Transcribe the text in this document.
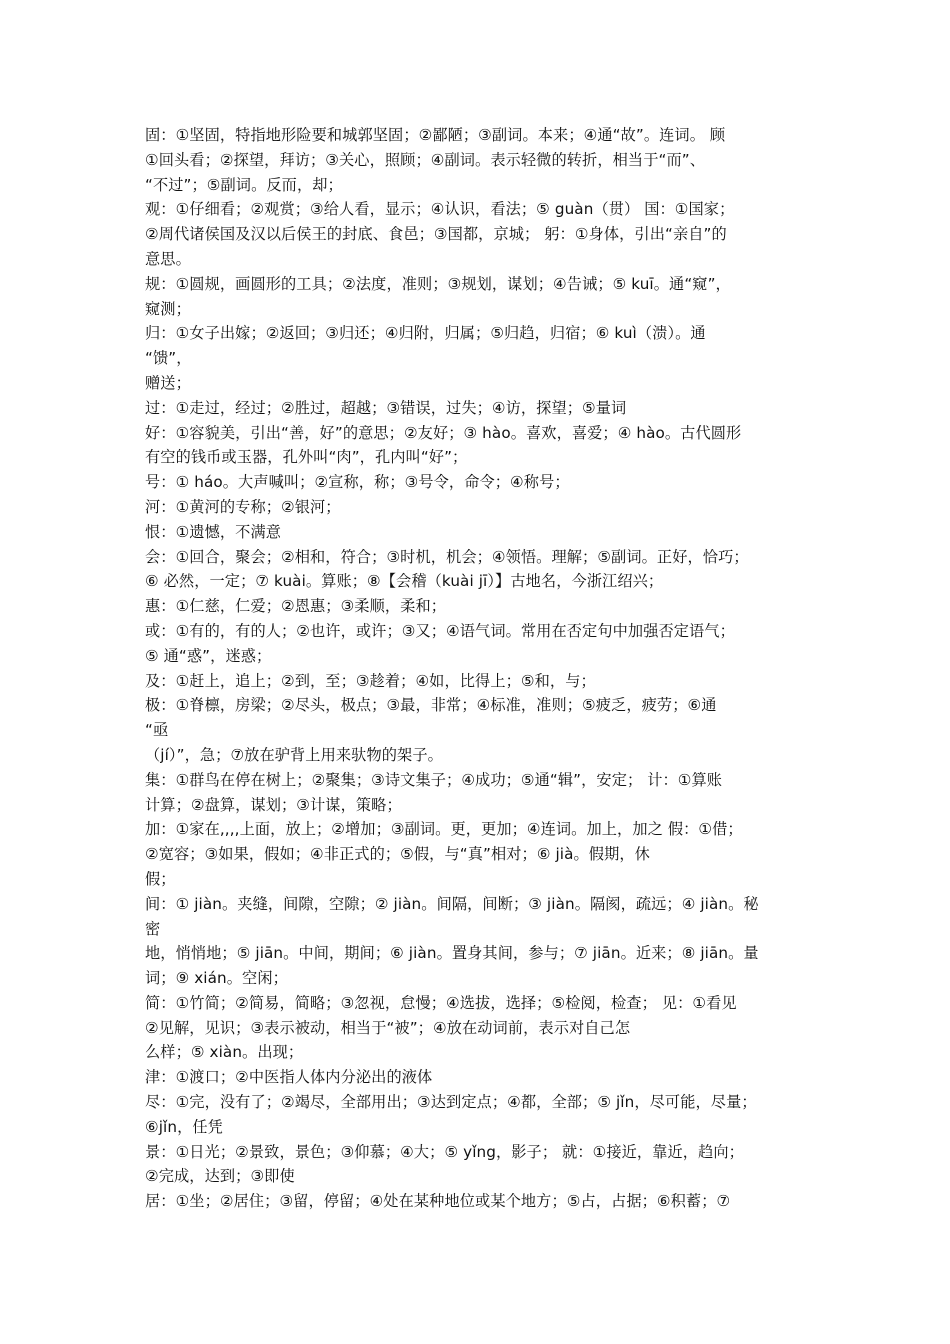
固：①坚固，特指地形险要和城郭坚固；②鄙陋；③副词。本来；④通“故”。连词。 顾
①回头看；②探望，拜访；③关心，照顾；④副词。表示轻微的转折，相当于“而”、
“不过”；⑤副词。反而，却；
观：①仔细看；②观赏；③给人看，显示；④认识，看法；⑤ guàn（贯） 国：①国家；
②周代诸侯国及汉以后侯王的封底、食邑；③国都，京城； 躬：①身体，引出“亲自”的
意思。
规：①圆规，画圆形的工具；②法度，准则；③规划，谋划；④告诫；⑤ kuī。通“窥”，
窥测；
归：①女子出嫁；②返回；③归还；④归附，归属；⑤归趋，归宿；⑥ kuì（溃）。通
“馈”，
赠送；
过：①走过，经过；②胜过，超越；③错误，过失；④访，探望；⑤量词
好：①容貌美，引出“善，好”的意思；②友好；③ hào。喜欢，喜爱；④ hào。古代圆形
有空的钱币或玉器，孔外叫“肉”，孔内叫“好”；
号：① háo。大声喊叫；②宣称，称；③号令，命令；④称号；
河：①黄河的专称；②银河；
恨：①遗憾，不满意
会：①回合，聚会；②相和，符合；③时机，机会；④领悟。理解；⑤副词。正好，恰巧；
⑥ 必然，一定；⑦ kuài。算账；⑧【会稽（kuài jī）】古地名，今浙江绍兴；
惠：①仁慈，仁爱；②恩惠；③柔顺，柔和；
或：①有的，有的人；②也许，或许；③又；④语气词。常用在否定句中加强否定语气；
⑤ 通“惑”，迷惑；
及：①赶上，追上；②到，至；③趁着；④如，比得上；⑤和，与；
极：①脊檩，房梁；②尽头，极点；③最，非常；④标准，准则；⑤疲乏，疲劳；⑥通
“亟
（jí）”，急；⑦放在驴背上用来驮物的架子。
集：①群鸟在停在树上；②聚集；③诗文集子；④成功；⑤通“辑”，安定； 计：①算账
计算；②盘算，谋划；③计谋，策略；
加：①家在,,,,上面，放上；②增加；③副词。更，更加；④连词。加上，加之 假：①借；
②宽容；③如果，假如；④非正式的；⑤假，与“真”相对；⑥ jià。假期，休
假；
间：① jiàn。夹缝，间隙，空隙；② jiàn。间隔，间断；③ jiàn。隔阂，疏远；④ jiàn。秘
密
地，悄悄地；⑤ jiān。中间，期间；⑥ jiàn。置身其间，参与；⑦ jiān。近来；⑧ jiān。量
词；⑨ xián。空闲；
简：①竹简；②简易，简略；③忽视，怠慢；④选拔，选择；⑤检阅，检查； 见：①看见
②见解，见识；③表示被动，相当于“被”；④放在动词前，表示对自己怎
么样；⑤ xiàn。出现；
津：①渡口；②中医指人体内分泌出的液体
尽：①完，没有了；②竭尽，全部用出；③达到定点；④都，全部；⑤ jǐn，尽可能，尽量；
⑥jǐn，任凭
景：①日光；②景致，景色；③仰慕；④大；⑤ yǐng，影子； 就：①接近，靠近，趋向；
②完成，达到；③即使
居：①坐；②居住；③留，停留；④处在某种地位或某个地方；⑤占，占据；⑥积蓄；⑦
